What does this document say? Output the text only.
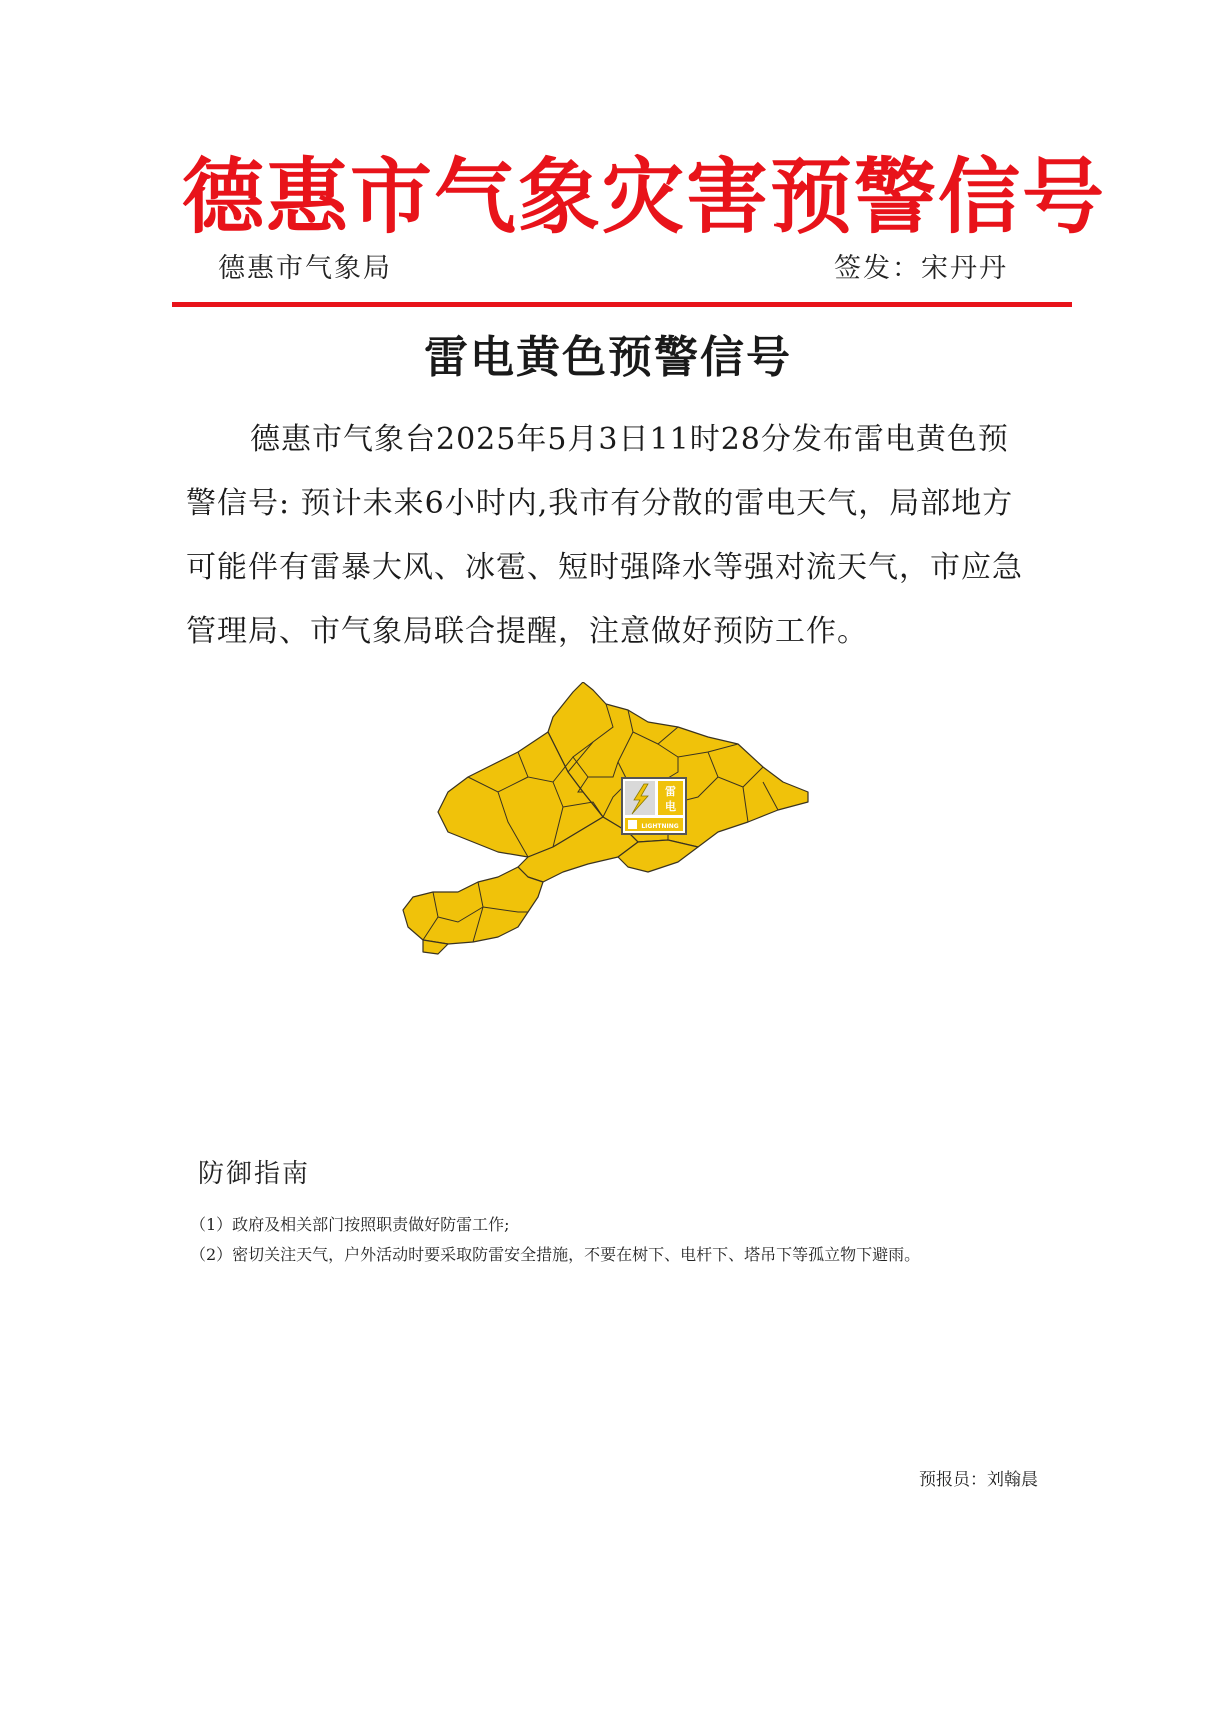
德惠市气象灾害预警信号
德惠市气象局	签发：宋丹丹
雷电黄色预警信号

德惠市气象台2025年5月3日11时28分发布雷电黄色预警信号: 预计未来6小时内,我市有分散的雷电天气，局部地方可能伴有雷暴大风、冰雹、短时强降水等强对流天气，市应急管理局、市气象局联合提醒，注意做好预防工作。

雷
电
LIGHTNING
防御指南
（1）政府及相关部门按照职责做好防雷工作;
（2）密切关注天气，户外活动时要采取防雷安全措施，不要在树下、电杆下、塔吊下等孤立物下避雨。
预报员：刘翰晨
